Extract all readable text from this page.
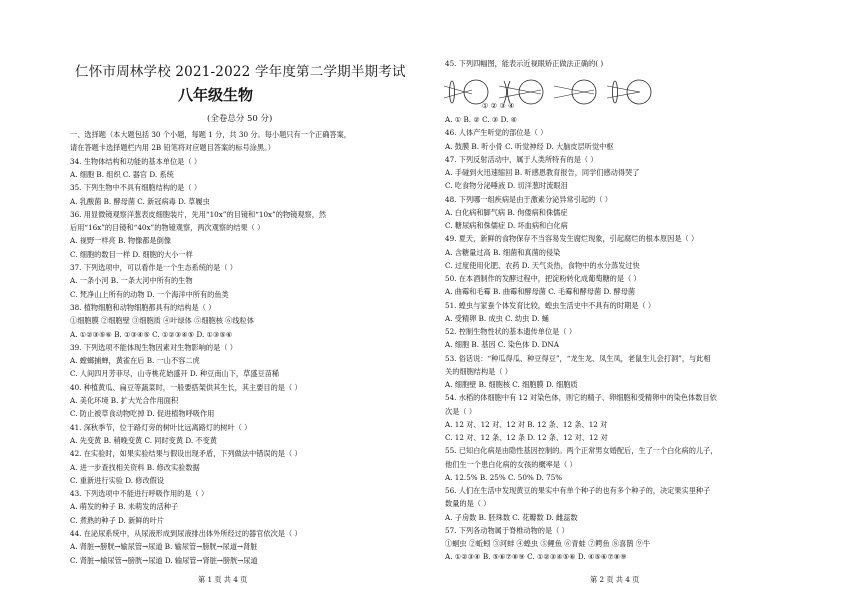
仁怀市周林学校 2021-2022 学年度第二学期半期考试
八年级生物
(全卷总分 50 分)
一、选择题（本大题包括 30 个小题，每题 1 分，共 30 分。每小题只有一个正确答案，
请在答题卡选择题栏内用 2B 铅笔将对应题目答案的标号涂黑。）
34. 生物体结构和功能的基本单位是（ ）
A. 细胞 B. 组织 C. 器官 D. 系统
35. 下列生物中不具有细胞结构的是（ ）
A. 乳酸菌 B. 酵母菌 C. 新冠病毒 D. 草履虫
36. 用显微镜观察洋葱表皮细胞装片，先用“10x”的目镜和“10x”的物镜观察，然
后用“16x”的目镜和“40x”的物镜观察，两次观察的结果（ ）
A. 视野一样亮 B. 物像都是倒像
C. 细胞的数目一样 D. 细胞的大小一样
37. 下列选项中，可以看作是一个生态系统的是（ ）
A. 一条小河 B. 一条大河中所有的生物
C. 梵净山上所有的动物 D. 一个海洋中所有的鱼类
38. 植物细胞和动物细胞都具有的结构是（ ）
①细胞膜 ②细胞壁 ③细胞质 ④叶绿体 ⑤细胞核 ⑥线粒体
A. ①②③⑤⑥ B. ①③④⑤ C. ①②③④⑤ D. ①③⑤⑥
39. 下列选项不能体现生物因素对生物影响的是（ ）
A. 螳螂捕蝉，黄雀在后 B. 一山不容二虎
C. 人间四月芳菲尽，山寺桃花始盛开 D. 种豆南山下，草盛豆苗稀
40. 种植黄瓜、扁豆等蔬菜时，一般要搭架供其生长，其主要目的是（ ）
A. 美化环境 B. 扩大光合作用面积
C. 防止被草食动物吃掉 D. 促进植物呼吸作用
41. 深秋季节，位于路灯旁的树叶比远离路灯的树叶（ ）
A. 先变黄 B. 稍晚变黄 C. 同时变黄 D. 不变黄
42. 在实验时，如果实验结果与假设出现矛盾，下列做法中错误的是（ ）
A. 进一步查找相关资料 B. 修改实验数据
C. 重新进行实验 D. 修改假设
43. 下列选项中不能进行呼吸作用的是（ ）
A. 萌发的种子 B. 未萌发的活种子
C. 煮熟的种子 D. 新鲜的叶片
44. 在泌尿系统中，从尿液形成到尿液排出体外所经过的器官依次是（ ）
A. 肾脏→膀胱→输尿管→尿道 B. 输尿管→膀胱→尿道→肾脏
C. 肾脏→输尿管→膀胱→尿道 D. 输尿管→肾脏→膀胱→尿道
第 1 页 共 4 页
45. 下列四幅图，能表示近视眼矫正做法正确的( )
① ② ③ ④
A. ① B. ② C. ③ D. ④
46. 人体产生听觉的部位是（ ）
A. 鼓膜 B. 听小骨 C. 听觉神经 D. 大脑皮层听觉中枢
47. 下列反射活动中，属于人类所特有的是（ ）
A. 手碰到火迅速缩回 B. 听感恩教育报告，同学们感动得哭了
C. 吃食物分泌唾液 D. 切洋葱时流眼泪
48. 下列哪一组疾病是由于激素分泌异常引起的（ ）
A. 白化病和脚气病 B. 佝偻病和侏儒症
C. 糖尿病和侏儒症 D. 坏血病和白化病
49. 夏天，新鲜的食物保存不当容易发生腐烂现象，引起腐烂的根本原因是（ ）
A. 含糖量过高 B. 细菌和真菌的侵染
C. 过度使用化肥、农药 D. 天气炎热，食物中的水分蒸发过快
50. 在本酒制作的发酵过程中，把淀粉转化成葡萄糖的是（ ）
A. 曲霉和毛霉 B. 曲霉和酵母菌 C. 毛霉和酵母菌 D. 酵母菌
51. 蝗虫与家蚕个体发育比较，蝗虫生活史中不具有的时期是（ ）
A. 受精卵 B. 成虫 C. 幼虫 D. 蛹
52. 控制生物性状的基本遗传单位是（ ）
A. 细胞 B. 基因 C. 染色体 D. DNA
53. 俗话说：“种瓜得瓜、种豆得豆”，“龙生龙、凤生凤，老鼠生儿会打洞”，与此相
关的细胞结构是（ ）
A. 细胞壁 B. 细胞核 C. 细胞膜 D. 细胞质
54. 水稻的体细胞中有 12 对染色体，则它的精子、卵细胞和受精卵中的染色体数目依
次是（ ）
A. 12 对、12 对、12 对 B. 12 条、12 条、12 对
C. 12 对、12 条、12 条 D. 12 条、12 对、12 对
55. 已知白化病是由隐性基因控制的。两个正常男女婚配后，生了一个白化病的儿子，
他们生一个患白化病的女孩的概率是（ ）
A. 12.5% B. 25% C. 50% D. 75%
56. 人们在生活中发现黄豆的果实中有单个种子的也有多个种子的，决定果实里种子
数量的是（ ）
A. 子房数 B. 胚珠数 C. 花瓣数 D. 雌蕊数
57. 下列各动物属于脊椎动物的是（ ）
①蛔虫 ②蚯蚓 ③河蚌 ④蝗虫 ⑤鲤鱼 ⑥青蛙 ⑦鳄鱼 ⑧喜鹊 ⑨牛
A. ①②③④ B. ⑤⑥⑦⑧⑨ C. ①②③④⑤⑥ D. ④⑤⑥⑦⑧⑨
第 2 页 共 4 页
